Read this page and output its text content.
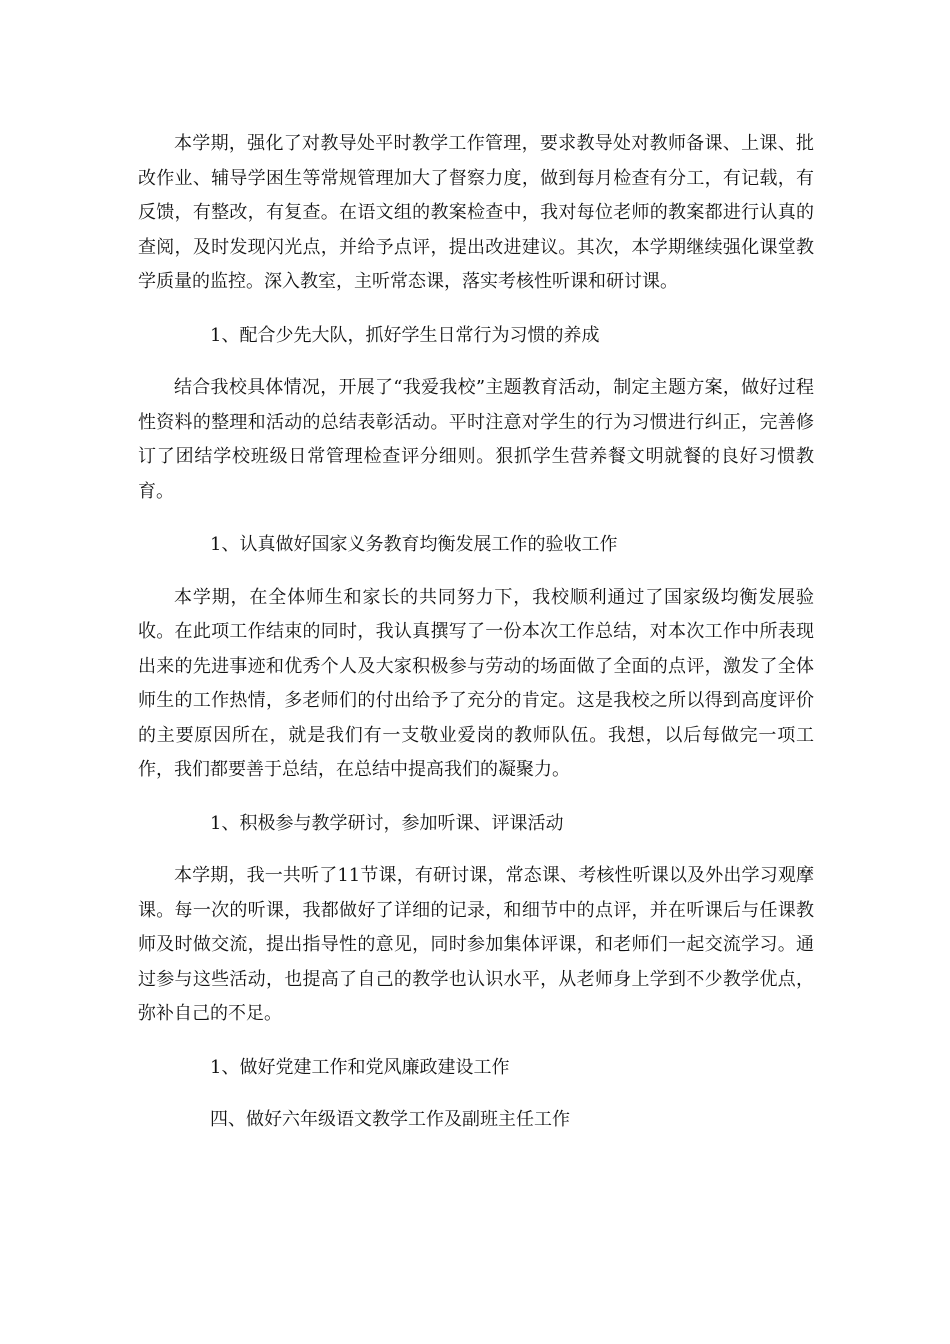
本学期，强化了对教导处平时教学工作管理，要求教导处对教师备课、上课、批改作业、辅导学困生等常规管理加大了督察力度，做到每月检查有分工，有记载，有反馈，有整改，有复查。在语文组的教案检查中，我对每位老师的教案都进行认真的查阅，及时发现闪光点，并给予点评，提出改进建议。其次，本学期继续强化课堂教学质量的监控。深入教室，主听常态课，落实考核性听课和研讨课。

1、配合少先大队，抓好学生日常行为习惯的养成

结合我校具体情况，开展了“我爱我校”主题教育活动，制定主题方案，做好过程性资料的整理和活动的总结表彰活动。平时注意对学生的行为习惯进行纠正，完善修订了团结学校班级日常管理检查评分细则。狠抓学生营养餐文明就餐的良好习惯教育。

1、认真做好国家义务教育均衡发展工作的验收工作

本学期，在全体师生和家长的共同努力下，我校顺利通过了国家级均衡发展验收。在此项工作结束的同时，我认真撰写了一份本次工作总结，对本次工作中所表现出来的先进事迹和优秀个人及大家积极参与劳动的场面做了全面的点评，激发了全体师生的工作热情，多老师们的付出给予了充分的肯定。这是我校之所以得到高度评价的主要原因所在，就是我们有一支敬业爱岗的教师队伍。我想，以后每做完一项工作，我们都要善于总结，在总结中提高我们的凝聚力。

1、积极参与教学研讨，参加听课、评课活动

本学期，我一共听了11节课，有研讨课，常态课、考核性听课以及外出学习观摩课。每一次的听课，我都做好了详细的记录，和细节中的点评，并在听课后与任课教师及时做交流，提出指导性的意见，同时参加集体评课，和老师们一起交流学习。通过参与这些活动，也提高了自己的教学也认识水平，从老师身上学到不少教学优点，弥补自己的不足。

1、做好党建工作和党风廉政建设工作

四、做好六年级语文教学工作及副班主任工作
